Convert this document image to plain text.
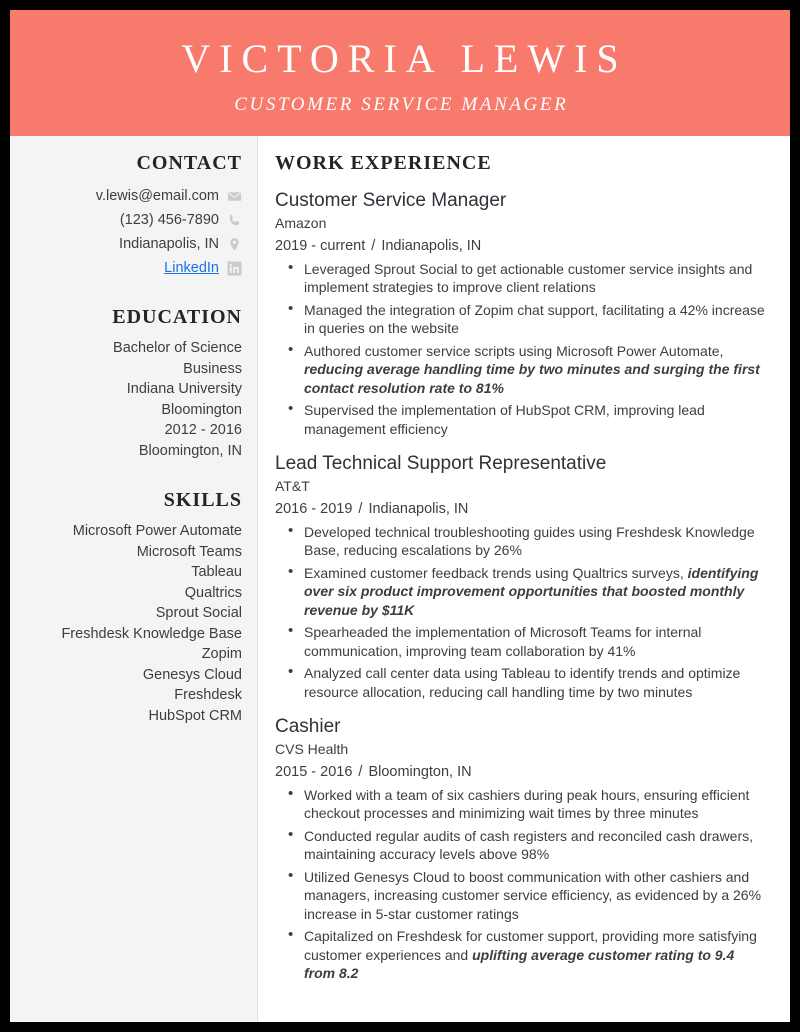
VICTORIA LEWIS
CUSTOMER SERVICE MANAGER
CONTACT
v.lewis@email.com
(123) 456-7890
Indianapolis, IN
LinkedIn
EDUCATION
Bachelor of Science
Business
Indiana University
Bloomington
2012 - 2016
Bloomington, IN
SKILLS
Microsoft Power Automate
Microsoft Teams
Tableau
Qualtrics
Sprout Social
Freshdesk Knowledge Base
Zopim
Genesys Cloud
Freshdesk
HubSpot CRM
WORK EXPERIENCE
Customer Service Manager
Amazon
2019 - current / Indianapolis, IN
• Leveraged Sprout Social to get actionable customer service insights and implement strategies to improve client relations
• Managed the integration of Zopim chat support, facilitating a 42% increase in queries on the website
• Authored customer service scripts using Microsoft Power Automate, reducing average handling time by two minutes and surging the first contact resolution rate to 81%
• Supervised the implementation of HubSpot CRM, improving lead management efficiency
Lead Technical Support Representative
AT&T
2016 - 2019 / Indianapolis, IN
• Developed technical troubleshooting guides using Freshdesk Knowledge Base, reducing escalations by 26%
• Examined customer feedback trends using Qualtrics surveys, identifying over six product improvement opportunities that boosted monthly revenue by $11K
• Spearheaded the implementation of Microsoft Teams for internal communication, improving team collaboration by 41%
• Analyzed call center data using Tableau to identify trends and optimize resource allocation, reducing call handling time by two minutes
Cashier
CVS Health
2015 - 2016 / Bloomington, IN
• Worked with a team of six cashiers during peak hours, ensuring efficient checkout processes and minimizing wait times by three minutes
• Conducted regular audits of cash registers and reconciled cash drawers, maintaining accuracy levels above 98%
• Utilized Genesys Cloud to boost communication with other cashiers and managers, increasing customer service efficiency, as evidenced by a 26% increase in 5-star customer ratings
• Capitalized on Freshdesk for customer support, providing more satisfying customer experiences and uplifting average customer rating to 9.4 from 8.2
